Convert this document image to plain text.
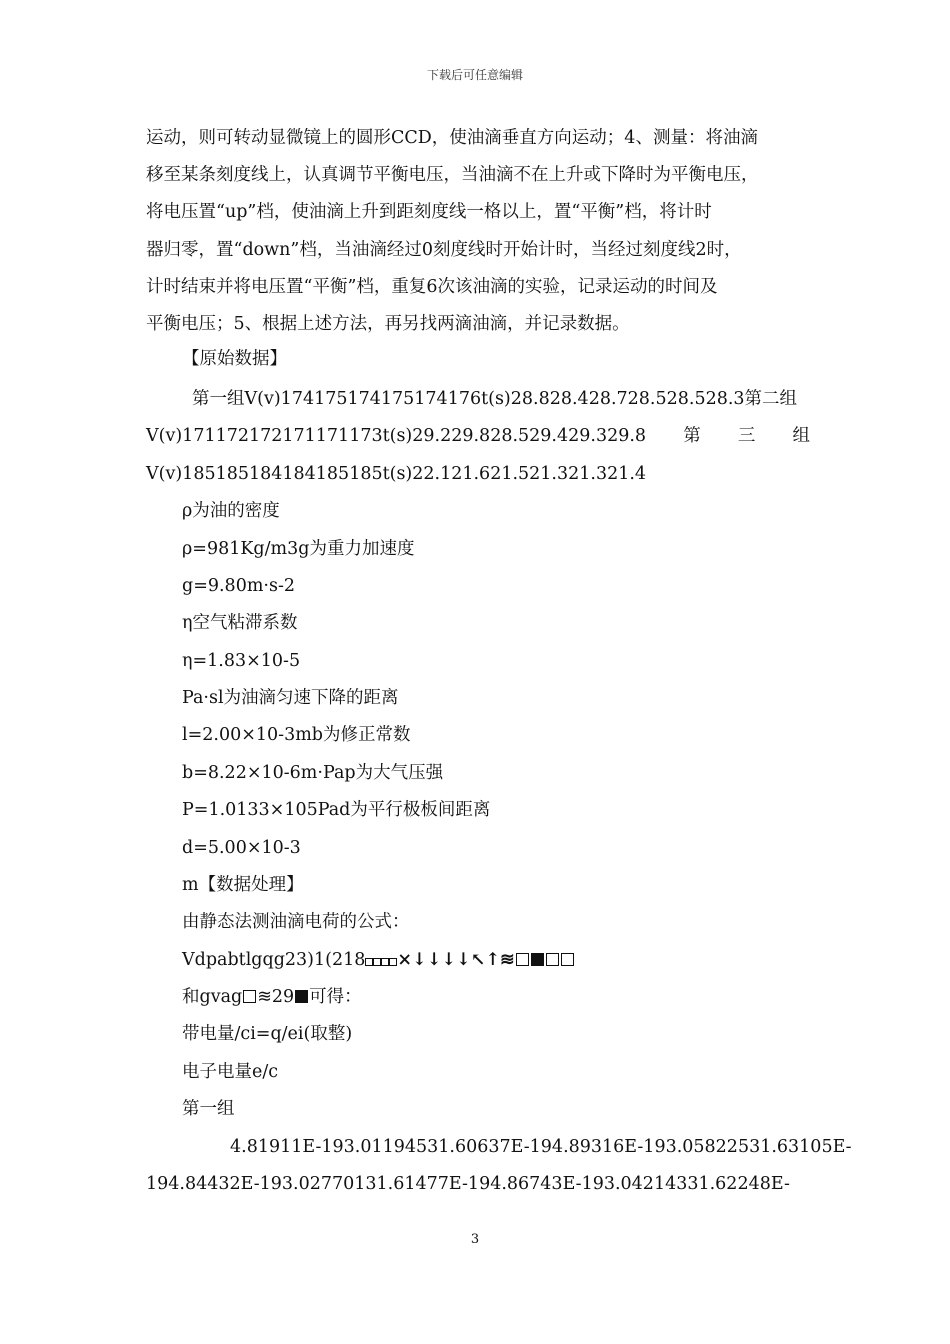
下载后可任意编辑
运动，则可转动显微镜上的圆形CCD，使油滴垂直方向运动；4、测量：将油滴
移至某条刻度线上，认真调节平衡电压，当油滴不在上升或下降时为平衡电压，
将电压置“up”档，使油滴上升到距刻度线一格以上，置“平衡”档，将计时
器归零，置“down”档，当油滴经过0刻度线时开始计时，当经过刻度线2时，
计时结束并将电压置“平衡”档，重复6次该油滴的实验，记录运动的时间及
平衡电压；5、根据上述方法，再另找两滴油滴，并记录数据。
【原始数据】
第一组V(v)174175174175174176t(s)28.828.428.728.528.528.3第二组
V(v)171172172171171173t(s)29.229.828.529.429.329.8 第 三 组
V(v)185185184184185185t(s)22.121.621.521.321.321.4
ρ为油的密度
ρ=981Kg/m3g为重力加速度
g=9.80m·s-2
η空气粘滞系数
η=1.83×10-5
Pa·sl为油滴匀速下降的距离
l=2.00×10-3mb为修正常数
b=8.22×10-6m·Pap为大气压强
P=1.0133×105Pad为平行极板间距离
d=5.00×10-3
m【数据处理】
由静态法测油滴电荷的公式：
Vdpabtlgqg23)1(218 ×↓↓↓↓↖↑≋
和gvag ≋29 可得：
带电量/ci=q/ei(取整)
电子电量e/c
第一组
4.81911E-193.01194531.60637E-194.89316E-193.05822531.63105E-
194.84432E-193.02770131.61477E-194.86743E-193.04214331.62248E-
3
